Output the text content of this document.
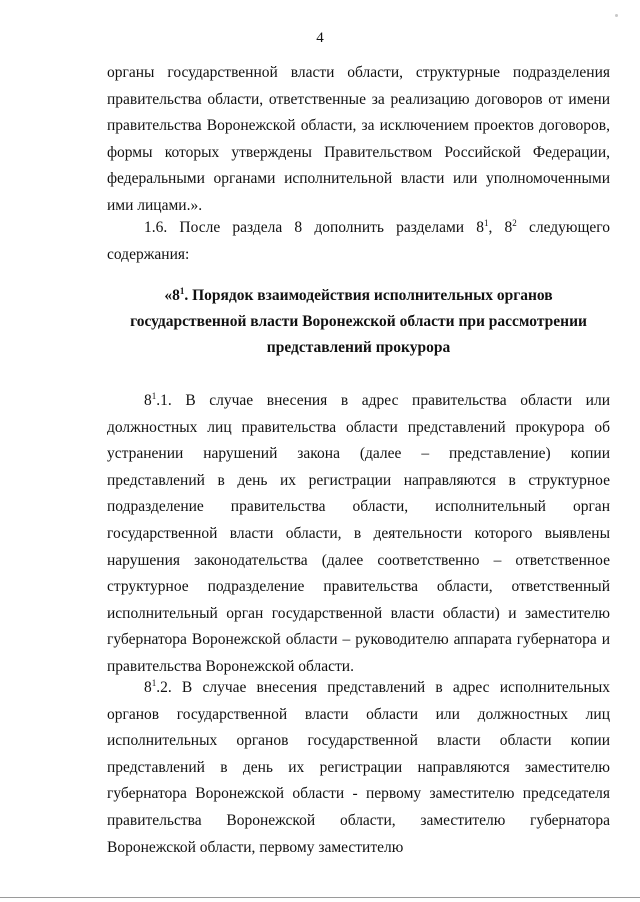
4
органы государственной власти области, структурные подразделения правительства области, ответственные за реализацию договоров от имени правительства Воронежской области, за исключением проектов договоров, формы которых утверждены Правительством Российской Федерации, федеральными органами исполнительной власти или уполномоченными ими лицами.».
1.6. После раздела 8 дополнить разделами $8^1$, $8^2$ следующего содержания:
«$8^1$. Порядок взаимодействия исполнительных органов государственной власти Воронежской области при рассмотрении представлений прокурора
$8^1.1$. В случае внесения в адрес правительства области или должностных лиц правительства области представлений прокурора об устранении нарушений закона (далее – представление) копии представлений в день их регистрации направляются в структурное подразделение правительства области, исполнительный орган государственной власти области, в деятельности которого выявлены нарушения законодательства (далее соответственно – ответственное структурное подразделение правительства области, ответственный исполнительный орган государственной власти области) и заместителю губернатора Воронежской области – руководителю аппарата губернатора и правительства Воронежской области.
$8^1.2$. В случае внесения представлений в адрес исполнительных органов государственной власти области или должностных лиц исполнительных органов государственной власти области копии представлений в день их регистрации направляются заместителю губернатора Воронежской области - первому заместителю председателя правительства Воронежской области, заместителю губернатора Воронежской области, первому заместителю
